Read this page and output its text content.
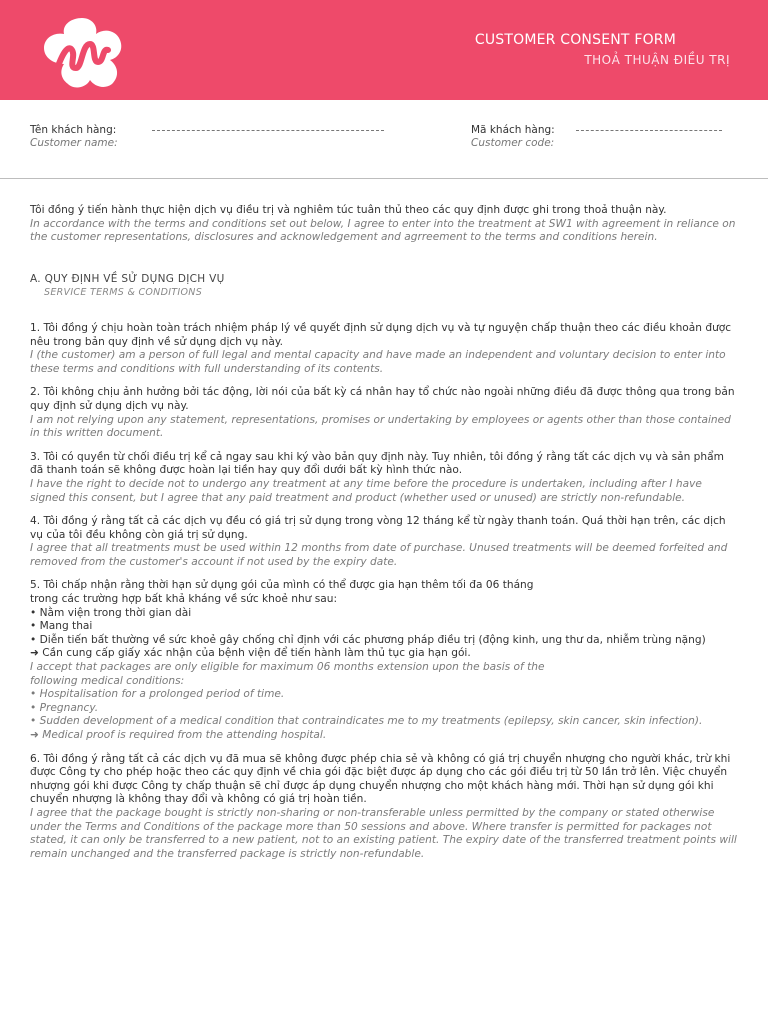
CUSTOMER CONSENT FORM
THOẢ THUẬN ĐIỀU TRỊ
Tên khách hàng:
Customer name:
Mã khách hàng:
Customer code:

Tôi đồng ý tiến hành thực hiện dịch vụ điều trị và nghiêm túc tuân thủ theo các quy định được ghi trong thoả thuận này.

In accordance with the terms and conditions set out below, I agree to enter into the treatment at SW1 with agreement in reliance on the customer representations, disclosures and acknowledgement and agrreement to the terms and conditions herein.

A. QUY ĐỊNH VỀ SỬ DỤNG DỊCH VỤ
SERVICE TERMS & CONDITIONS

1. Tôi đồng ý chịu hoàn toàn trách nhiệm pháp lý về quyết định sử dụng dịch vụ và tự nguyện chấp thuận theo các điều khoản được nêu trong bản quy định về sử dụng dịch vụ này.

I (the customer) am a person of full legal and mental capacity and have made an independent and voluntary decision to enter into these terms and conditions with full understanding of its contents.

2. Tôi không chịu ảnh hưởng bởi tác động, lời nói của bất kỳ cá nhân hay tổ chức nào ngoài những điều đã được thông qua trong bản quy định sử dụng dịch vụ này.

I am not relying upon any statement, representations, promises or undertaking by employees or agents other than those contained in this written document.

3. Tôi có quyền từ chối điều trị kể cả ngay sau khi ký vào bản quy định này. Tuy nhiên, tôi đồng ý rằng tất các dịch vụ và sản phẩm đã thanh toán sẽ không được hoàn lại tiền hay quy đổi dưới bất kỳ hình thức nào.

I have the right to decide not to undergo any treatment at any time before the procedure is undertaken, including after I have signed this consent, but I agree that any paid treatment and product (whether used or unused) are strictly non-refundable.

4. Tôi đồng ý rằng tất cả các dịch vụ đều có giá trị sử dụng trong vòng 12 tháng kể từ ngày thanh toán. Quá thời hạn trên, các dịch vụ của tôi đều không còn giá trị sử dụng.

I agree that all treatments must be used within 12 months from date of purchase. Unused treatments will be deemed forfeited and removed from the customer's account if not used by the expiry date.

5. Tôi chấp nhận rằng thời hạn sử dụng gói của mình có thể được gia hạn thêm tối đa 06 tháng

trong các trường hợp bất khả kháng về sức khoẻ như sau:

• Nằm viện trong thời gian dài

• Mang thai

• Diễn tiến bất thường về sức khoẻ gây chống chỉ định với các phương pháp điều trị (động kinh, ung thư da, nhiễm trùng nặng)

➜ Cần cung cấp giấy xác nhận của bệnh viện để tiến hành làm thủ tục gia hạn gói.

I accept that packages are only eligible for maximum 06 months extension upon the basis of the

following medical conditions:

• Hospitalisation for a prolonged period of time.

• Pregnancy.

• Sudden development of a medical condition that contraindicates me to my treatments (epilepsy, skin cancer, skin infection).

➜ Medical proof is required from the attending hospital.

6. Tôi đồng ý rằng tất cả các dịch vụ đã mua sẽ không được phép chia sẻ và không có giá trị chuyển nhượng cho người khác, trừ khi được Công ty cho phép hoặc theo các quy định về chia gói đặc biệt được áp dụng cho các gói điều trị từ 50 lần trở lên. Việc chuyển nhượng gói khi được Công ty chấp thuận sẽ chỉ được áp dụng chuyển nhượng cho một khách hàng mới. Thời hạn sử dụng gói khi chuyển nhượng là không thay đổi và không có giá trị hoàn tiền.

I agree that the package bought is strictly non-sharing or non-transferable unless permitted by the company or stated otherwise under the Terms and Conditions of the package more than 50 sessions and above. Where transfer is permitted for packages not stated, it can only be transferred to a new patient, not to an existing patient. The expiry date of the transferred treatment points will remain unchanged and the transferred package is strictly non-refundable.
